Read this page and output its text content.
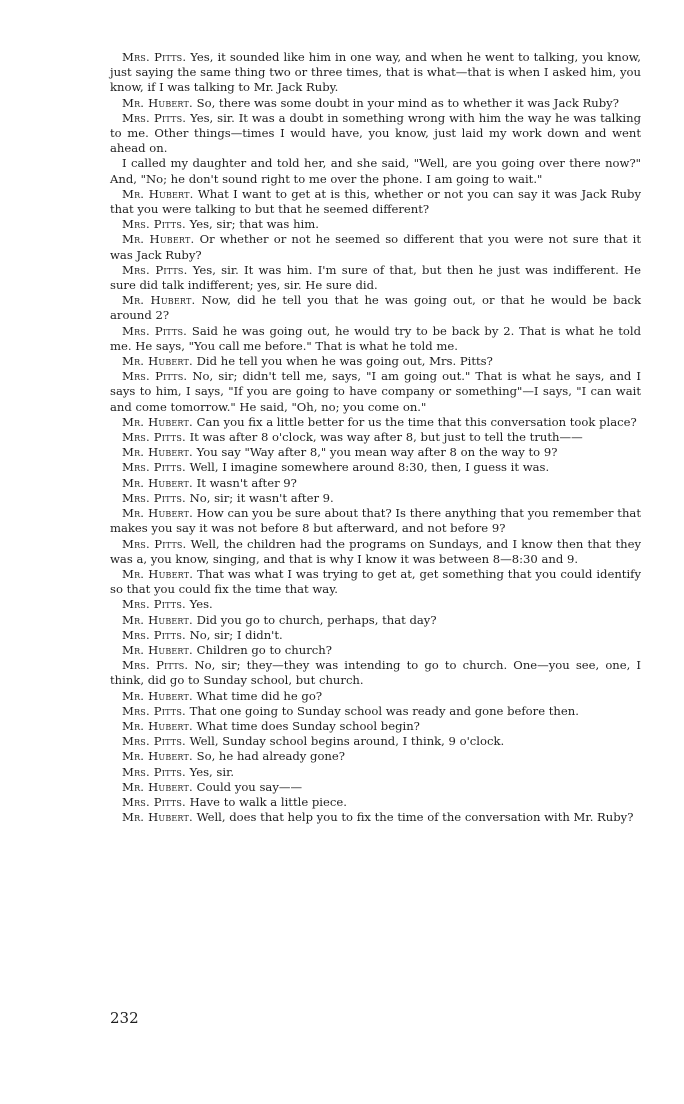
Mrs. Pitts. Yes, it sounded like him in one way, and when he went to talking, you know, just saying the same thing two or three times, that is what—that is when I asked him, you know, if I was talking to Mr. Jack Ruby.

Mr. Hubert. So, there was some doubt in your mind as to whether it was Jack Ruby?

Mrs. Pitts. Yes, sir. It was a doubt in something wrong with him the way he was talking to me. Other things—times I would have, you know, just laid my work down and went ahead on.

I called my daughter and told her, and she said, "Well, are you going over there now?" And, "No; he don't sound right to me over the phone. I am going to wait."

Mr. Hubert. What I want to get at is this, whether or not you can say it was Jack Ruby that you were talking to but that he seemed different?

Mrs. Pitts. Yes, sir; that was him.

Mr. Hubert. Or whether or not he seemed so different that you were not sure that it was Jack Ruby?

Mrs. Pitts. Yes, sir. It was him. I'm sure of that, but then he just was indifferent. He sure did talk indifferent; yes, sir. He sure did.

Mr. Hubert. Now, did he tell you that he was going out, or that he would be back around 2?

Mrs. Pitts. Said he was going out, he would try to be back by 2. That is what he told me. He says, "You call me before." That is what he told me.

Mr. Hubert. Did he tell you when he was going out, Mrs. Pitts?

Mrs. Pitts. No, sir; didn't tell me, says, "I am going out." That is what he says, and I says to him, I says, "If you are going to have company or something"—I says, "I can wait and come tomorrow." He said, "Oh, no; you come on."

Mr. Hubert. Can you fix a little better for us the time that this conversation took place?

Mrs. Pitts. It was after 8 o'clock, was way after 8, but just to tell the truth——

Mr. Hubert. You say "Way after 8," you mean way after 8 on the way to 9?

Mrs. Pitts. Well, I imagine somewhere around 8:30, then, I guess it was.

Mr. Hubert. It wasn't after 9?

Mrs. Pitts. No, sir; it wasn't after 9.

Mr. Hubert. How can you be sure about that? Is there anything that you remember that makes you say it was not before 8 but afterward, and not before 9?

Mrs. Pitts. Well, the children had the programs on Sundays, and I know then that they was a, you know, singing, and that is why I know it was between 8—8:30 and 9.

Mr. Hubert. That was what I was trying to get at, get something that you could identify so that you could fix the time that way.

Mrs. Pitts. Yes.

Mr. Hubert. Did you go to church, perhaps, that day?

Mrs. Pitts. No, sir; I didn't.

Mr. Hubert. Children go to church?

Mrs. Pitts. No, sir; they—they was intending to go to church. One—you see, one, I think, did go to Sunday school, but church.

Mr. Hubert. What time did he go?

Mrs. Pitts. That one going to Sunday school was ready and gone before then.

Mr. Hubert. What time does Sunday school begin?

Mrs. Pitts. Well, Sunday school begins around, I think, 9 o'clock.

Mr. Hubert. So, he had already gone?

Mrs. Pitts. Yes, sir.

Mr. Hubert. Could you say——

Mrs. Pitts. Have to walk a little piece.

Mr. Hubert. Well, does that help you to fix the time of the conversation with Mr. Ruby?

232
